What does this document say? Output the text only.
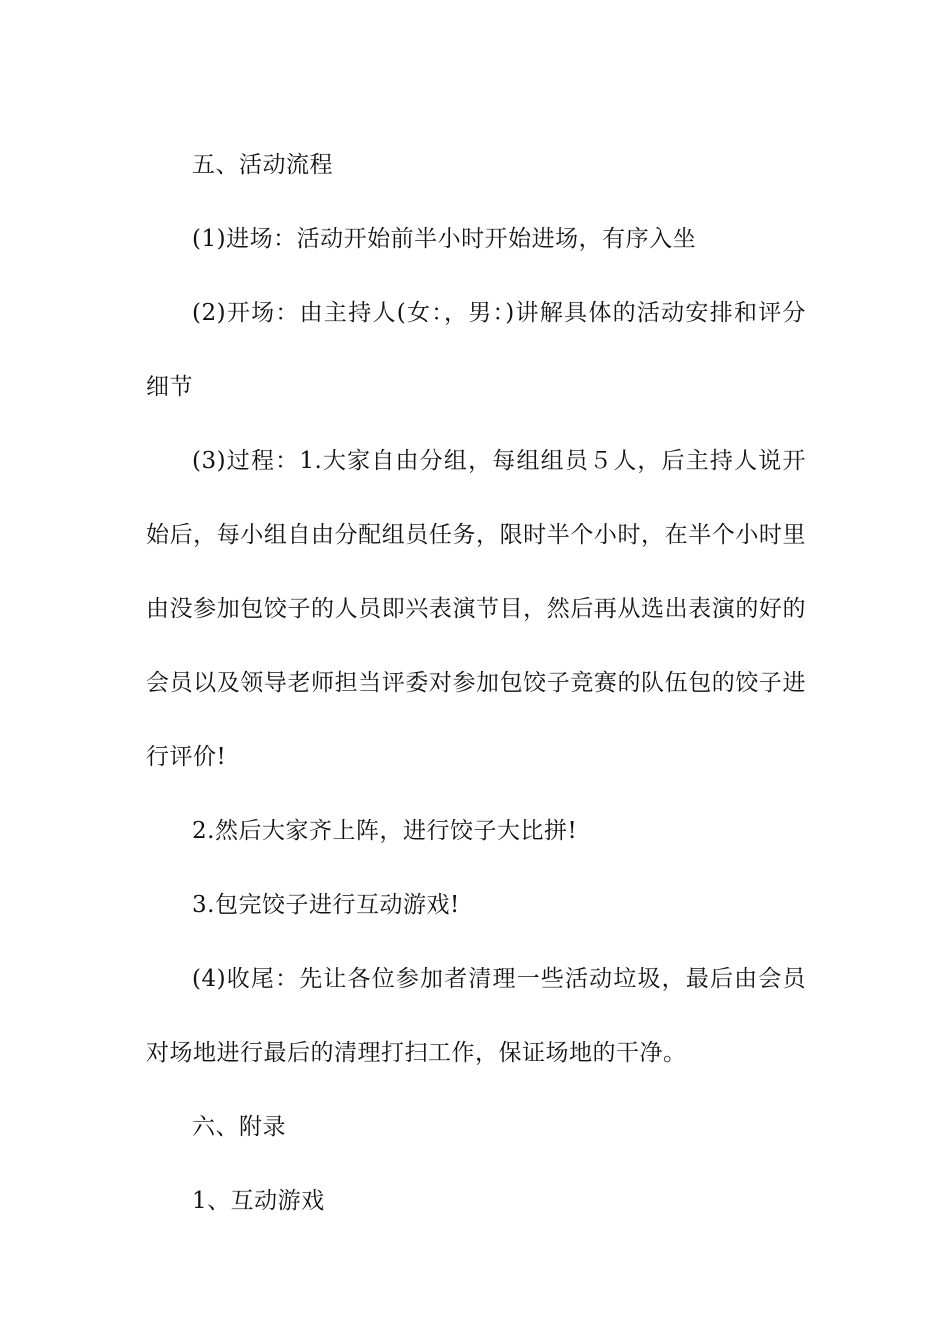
五、活动流程

(1)进场：活动开始前半小时开始进场，有序入坐

(2)开场：由主持人(女：，男：)讲解具体的活动安排和评分细节

(3)过程：1.大家自由分组，每组组员５人，后主持人说开始后，每小组自由分配组员任务，限时半个小时，在半个小时里由没参加包饺子的人员即兴表演节目，然后再从选出表演的好的会员以及领导老师担当评委对参加包饺子竞赛的队伍包的饺子进行评价!

2.然后大家齐上阵，进行饺子大比拼!

3.包完饺子进行互动游戏!

(4)收尾：先让各位参加者清理一些活动垃圾，最后由会员对场地进行最后的清理打扫工作，保证场地的干净。

六、附录

1、互动游戏
